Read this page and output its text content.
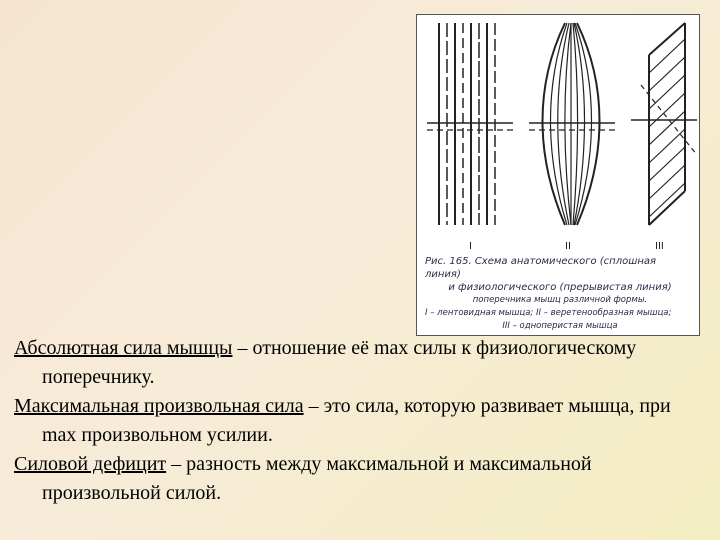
I	II	III
Рис. 165. Схема анатомического (сплошная линия)
и физиологического (прерывистая линия)
поперечника мышц различной формы.
I – лентовидная мышца; II – веретенообразная мышца;
III – одноперистая мышца

Абсолютная сила мышцы – отношение её max силы к физиологическому поперечнику.

Максимальная произвольная сила – это сила, которую развивает мышца, при max произвольном усилии.

Силовой дефицит – разность между максимальной и максимальной произвольной силой.
